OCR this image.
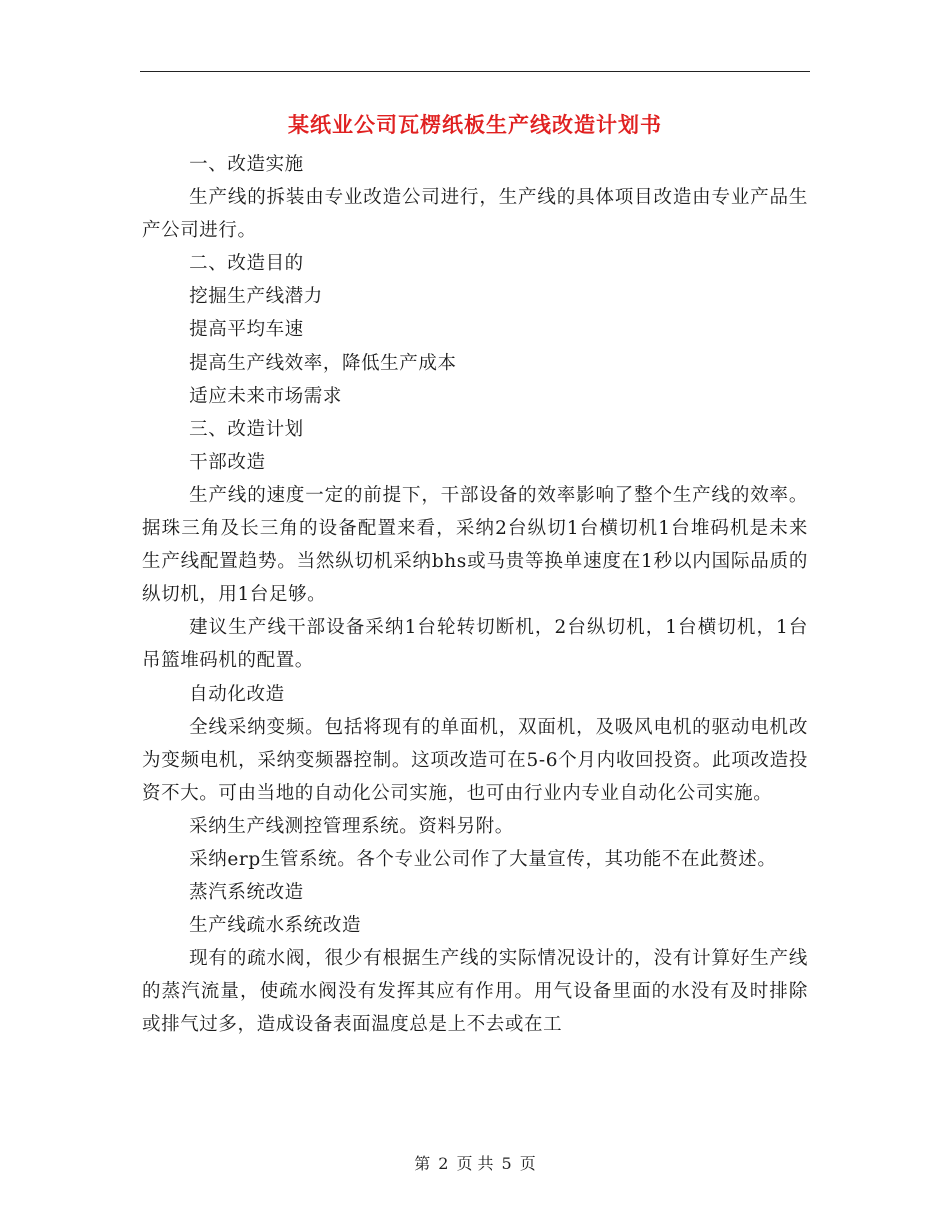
某纸业公司瓦楞纸板生产线改造计划书

一、改造实施

生产线的拆装由专业改造公司进行，生产线的具体项目改造由专业产品生产公司进行。

二、改造目的

挖掘生产线潜力

提高平均车速

提高生产线效率，降低生产成本

适应未来市场需求

三、改造计划

干部改造

生产线的速度一定的前提下，干部设备的效率影响了整个生产线的效率。据珠三角及长三角的设备配置来看，采纳2台纵切1台横切机1台堆码机是未来生产线配置趋势。当然纵切机采纳bhs或马贵等换单速度在1秒以内国际品质的纵切机，用1台足够。

建议生产线干部设备采纳1台轮转切断机，2台纵切机，1台横切机，1台吊篮堆码机的配置。

自动化改造

全线采纳变频。包括将现有的单面机，双面机，及吸风电机的驱动电机改为变频电机，采纳变频器控制。这项改造可在5-6个月内收回投资。此项改造投资不大。可由当地的自动化公司实施，也可由行业内专业自动化公司实施。

采纳生产线测控管理系统。资料另附。

采纳erp生管系统。各个专业公司作了大量宣传，其功能不在此赘述。

蒸汽系统改造

生产线疏水系统改造

现有的疏水阀，很少有根据生产线的实际情况设计的，没有计算好生产线的蒸汽流量，使疏水阀没有发挥其应有作用。用气设备里面的水没有及时排除或排气过多，造成设备表面温度总是上不去或在工

第 2 页 共 5 页
